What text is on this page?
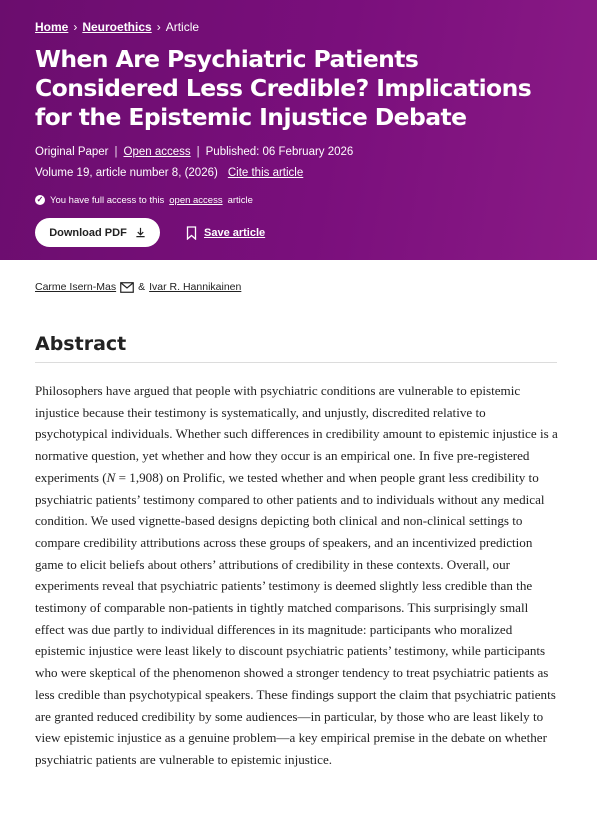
Home › Neuroethics › Article
When Are Psychiatric Patients Considered Less Credible? Implications for the Epistemic Injustice Debate
Original Paper | Open access | Published: 06 February 2026
Volume 19, article number 8, (2026) Cite this article
✓ You have full access to this open access article
Download PDF	Save article
Carme Isern-Mas & Ivar R. Hannikainen
Abstract

Philosophers have argued that people with psychiatric conditions are vulnerable to epistemic injustice because their testimony is systematically, and unjustly, discredited relative to psychotypical individuals. Whether such differences in credibility amount to epistemic injustice is a normative question, yet whether and how they occur is an empirical one. In five pre-registered experiments (N = 1,908) on Prolific, we tested whether and when people grant less credibility to psychiatric patients’ testimony compared to other patients and to individuals without any medical condition. We used vignette-based designs depicting both clinical and non-clinical settings to compare credibility attributions across these groups of speakers, and an incentivized prediction game to elicit beliefs about others’ attributions of credibility in these contexts. Overall, our experiments reveal that psychiatric patients’ testimony is deemed slightly less credible than the testimony of comparable non-patients in tightly matched comparisons. This surprisingly small effect was due partly to individual differences in its magnitude: participants who moralized epistemic injustice were least likely to discount psychiatric patients’ testimony, while participants who were skeptical of the phenomenon showed a stronger tendency to treat psychiatric patients as less credible than psychotypical speakers. These findings support the claim that psychiatric patients are granted reduced credibility by some audiences—in particular, by those who are least likely to view epistemic injustice as a genuine problem—a key empirical premise in the debate on whether psychiatric patients are vulnerable to epistemic injustice.
